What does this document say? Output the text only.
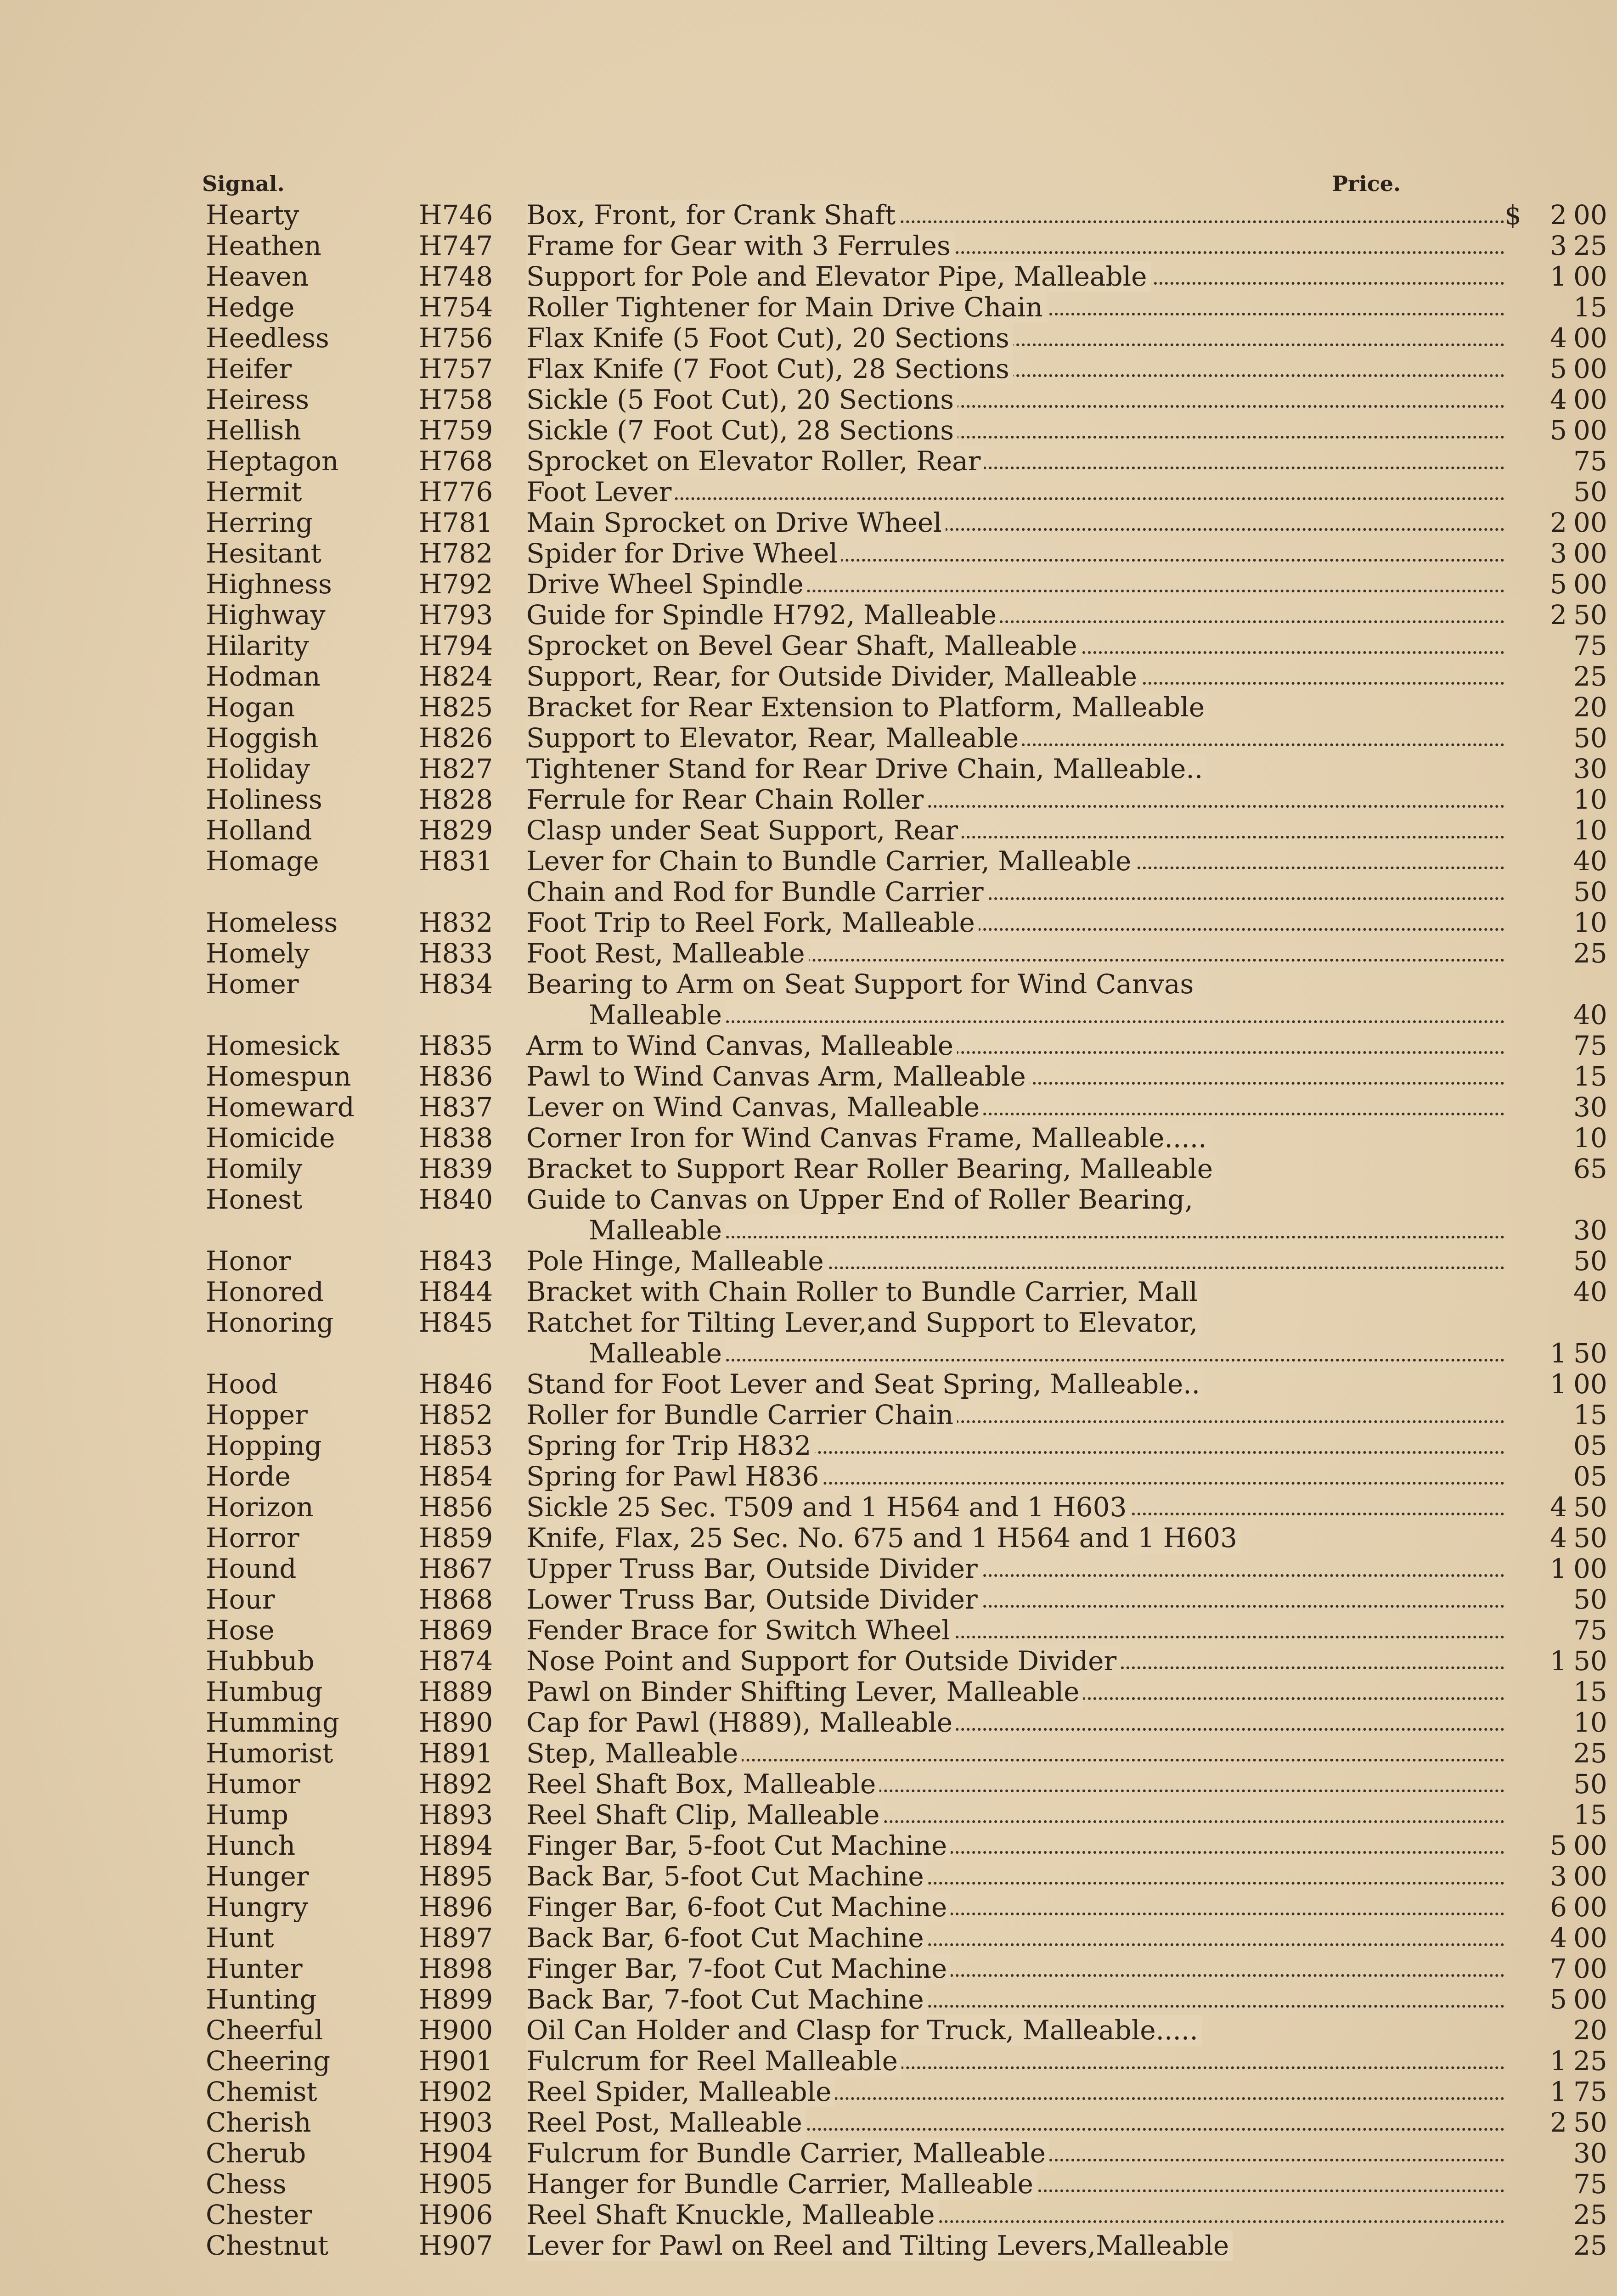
Signal.	Price.
Hearty	H746 Box, Front, for Crank Shaft	$ 2 00
Heathen	H747 Frame for Gear with 3 Ferrules	3 25
Heaven	H748 Support for Pole and Elevator Pipe, Malleable	1 00
Hedge	H754 Roller Tightener for Main Drive Chain	15
Heedless	H756 Flax Knife (5 Foot Cut), 20 Sections	4 00
Heifer	H757 Flax Knife (7 Foot Cut), 28 Sections	5 00
Heiress	H758 Sickle (5 Foot Cut), 20 Sections	4 00
Hellish	H759 Sickle (7 Foot Cut), 28 Sections	5 00
Heptagon	H768 Sprocket on Elevator Roller, Rear	75
Hermit	H776 Foot Lever	50
Herring	H781 Main Sprocket on Drive Wheel	2 00
Hesitant	H782 Spider for Drive Wheel	3 00
Highness	H792 Drive Wheel Spindle	5 00
Highway	H793 Guide for Spindle H792, Malleable	2 50
Hilarity	H794 Sprocket on Bevel Gear Shaft, Malleable	75
Hodman	H824 Support, Rear, for Outside Divider, Malleable	25
Hogan	H825 Bracket for Rear Extension to Platform, Malleable	20
Hoggish	H826 Support to Elevator, Rear, Malleable	50
Holiday	H827 Tightener Stand for Rear Drive Chain, Malleable..	30
Holiness	H828 Ferrule for Rear Chain Roller	10
Holland	H829 Clasp under Seat Support, Rear	10
Homage	H831 Lever for Chain to Bundle Carrier, Malleable	40
Chain and Rod for Bundle Carrier	50
Homeless	H832 Foot Trip to Reel Fork, Malleable	10
Homely	H833 Foot Rest, Malleable	25
Homer	H834 Bearing to Arm on Seat Support for Wind Canvas
Malleable	40
Homesick	H835 Arm to Wind Canvas, Malleable	75
Homespun	H836 Pawl to Wind Canvas Arm, Malleable	15
Homeward H837 Lever on Wind Canvas, Malleable	30
Homicide	H838 Corner Iron for Wind Canvas Frame, Malleable.....	10
Homily	H839 Bracket to Support Rear Roller Bearing, Malleable	65
Honest	H840 Guide to Canvas on Upper End of Roller Bearing,
Malleable	30
Honor	H843 Pole Hinge, Malleable	50
Honored	H844 Bracket with Chain Roller to Bundle Carrier, Mall	40
Honoring	H845 Ratchet for Tilting Lever,and Support to Elevator,
Malleable	1 50
Hood	H846 Stand for Foot Lever and Seat Spring, Malleable..	1 00
Hopper	H852 Roller for Bundle Carrier Chain	15
Hopping	H853 Spring for Trip H832	05
Horde	H854 Spring for Pawl H836	05
Horizon	H856 Sickle 25 Sec. T509 and 1 H564 and 1 H603	4 50
Horror	H859 Knife, Flax, 25 Sec. No. 675 and 1 H564 and 1 H603	4 50
Hound	H867 Upper Truss Bar, Outside Divider	1 00
Hour	H868 Lower Truss Bar, Outside Divider	50
Hose	H869 Fender Brace for Switch Wheel	75
Hubbub	H874 Nose Point and Support for Outside Divider	1 50
Humbug	H889 Pawl on Binder Shifting Lever, Malleable	15
Humming	H890 Cap for Pawl (H889), Malleable	10
Humorist	H891 Step, Malleable	25
Humor	H892 Reel Shaft Box, Malleable	50
Hump	H893 Reel Shaft Clip, Malleable	15
Hunch	H894 Finger Bar, 5-foot Cut Machine	5 00
Hunger	H895 Back Bar, 5-foot Cut Machine	3 00
Hungry	H896 Finger Bar, 6-foot Cut Machine	6 00
Hunt	H897 Back Bar, 6-foot Cut Machine	4 00
Hunter	H898 Finger Bar, 7-foot Cut Machine	7 00
Hunting	H899 Back Bar, 7-foot Cut Machine	5 00
Cheerful	H900 Oil Can Holder and Clasp for Truck, Malleable.....	20
Cheering	H901 Fulcrum for Reel Malleable	1 25
Chemist	H902 Reel Spider, Malleable	1 75
Cherish	H903 Reel Post, Malleable	2 50
Cherub	H904 Fulcrum for Bundle Carrier, Malleable	30
Chess	H905 Hanger for Bundle Carrier, Malleable	75
Chester	H906 Reel Shaft Knuckle, Malleable	25
Chestnut	H907 Lever for Pawl on Reel and Tilting Levers,Malleable	25
